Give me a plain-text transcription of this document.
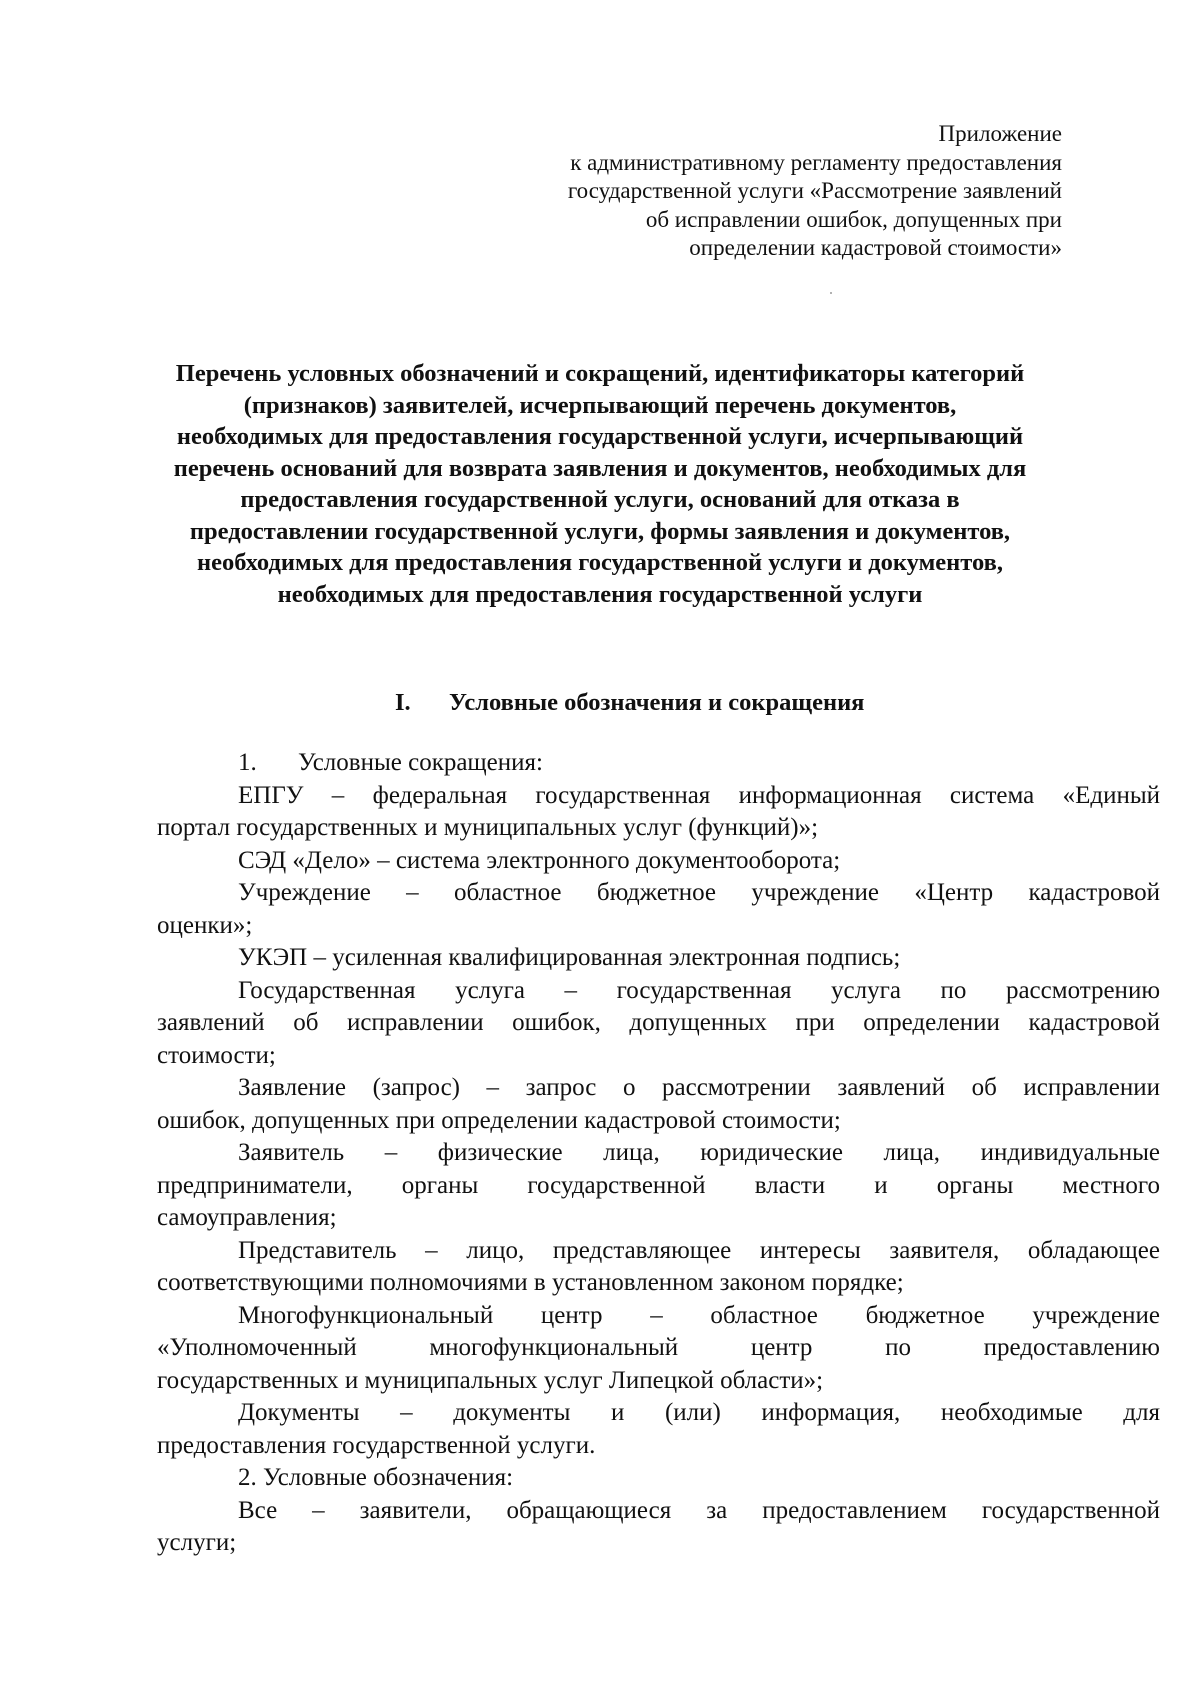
Приложение
к административному регламенту предоставления
государственной услуги «Рассмотрение заявлений
об исправлении ошибок, допущенных при
определении кадастровой стоимости»
Перечень условных обозначений и сокращений, идентификаторы категорий
(признаков) заявителей, исчерпывающий перечень документов,
необходимых для предоставления государственной услуги, исчерпывающий
перечень оснований для возврата заявления и документов, необходимых для
предоставления государственной услуги, оснований для отказа в
предоставлении государственной услуги, формы заявления и документов,
необходимых для предоставления государственной услуги и документов,
необходимых для предоставления государственной услуги
I. Условные обозначения и сокращения
1. Условные сокращения:
ЕПГУ – федеральная государственная информационная система «Единый
портал государственных и муниципальных услуг (функций)»;
СЭД «Дело» – система электронного документооборота;
Учреждение – областное бюджетное учреждение «Центр кадастровой
оценки»;
УКЭП – усиленная квалифицированная электронная подпись;
Государственная услуга – государственная услуга по рассмотрению
заявлений об исправлении ошибок, допущенных при определении кадастровой
стоимости;
Заявление (запрос) – запрос о рассмотрении заявлений об исправлении
ошибок, допущенных при определении кадастровой стоимости;
Заявитель – физические лица, юридические лица, индивидуальные
предприниматели, органы государственной власти и органы местного
самоуправления;
Представитель – лицо, представляющее интересы заявителя, обладающее
соответствующими полномочиями в установленном законом порядке;
Многофункциональный центр – областное бюджетное учреждение
«Уполномоченный многофункциональный центр по предоставлению
государственных и муниципальных услуг Липецкой области»;
Документы – документы и (или) информация, необходимые для
предоставления государственной услуги.
2. Условные обозначения:
Все – заявители, обращающиеся за предоставлением государственной
услуги;
